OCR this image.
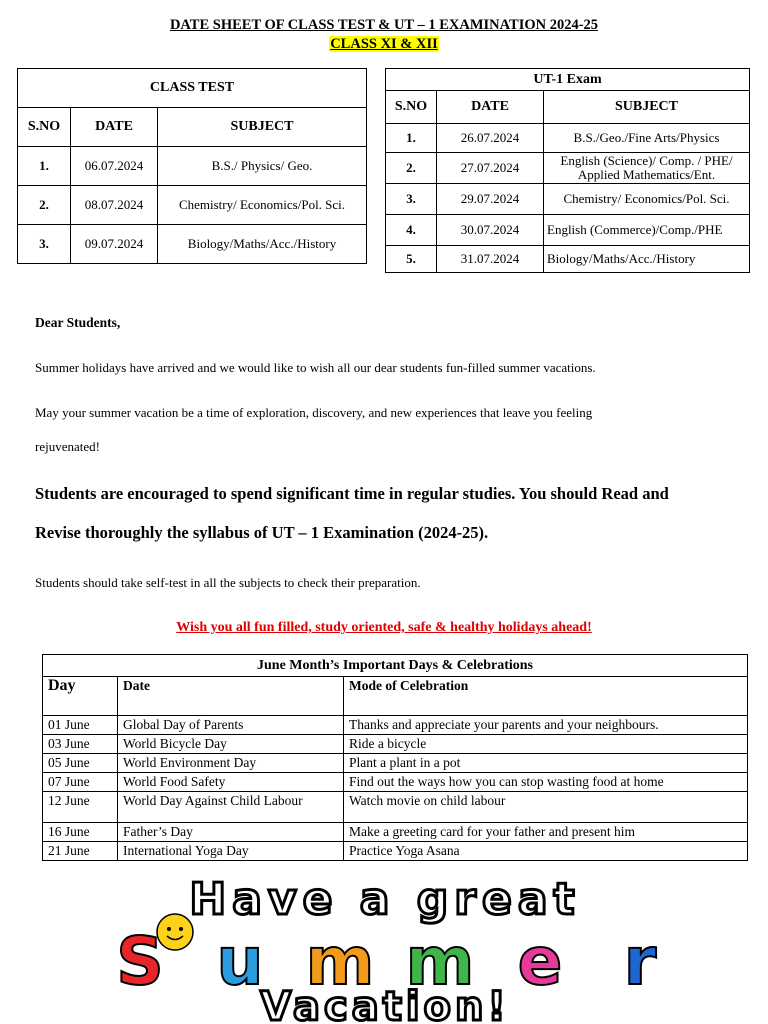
DATE SHEET OF CLASS TEST & UT – 1 EXAMINATION 2024-25
CLASS XI & XII
CLASS TEST		
S.NO	DATE	SUBJECT
1.	06.07.2024	B.S./ Physics/ Geo.
2.	08.07.2024	Chemistry/ Economics/Pol. Sci.
3.	09.07.2024	Biology/Maths/Acc./History
UT-1 Exam		
S.NO	DATE	SUBJECT
1.	26.07.2024	B.S./Geo./Fine Arts/Physics
2.	27.07.2024	English (Science)/ Comp. / PHE/ Applied Mathematics/Ent.
3.	29.07.2024	Chemistry/ Economics/Pol. Sci.
4.	30.07.2024	English (Commerce)/Comp./PHE
5.	31.07.2024	Biology/Maths/Acc./History
Dear Students,
Summer holidays have arrived and we would like to wish all our dear students fun-filled summer vacations.
May your summer vacation be a time of exploration, discovery, and new experiences that leave you feeling
rejuvenated!
Students are encouraged to spend significant time in regular studies. You should Read and
Revise thoroughly the syllabus of UT – 1 Examination (2024-25).
Students should take self-test in all the subjects to check their preparation.
Wish you all fun filled, study oriented, safe & healthy holidays ahead!
June Month’s Important Days & Celebrations		
Day	Date	Mode of Celebration
01 June	Global Day of Parents	Thanks and appreciate your parents and your neighbours.
03 June	World Bicycle Day	Ride a bicycle
05 June	World Environment Day	Plant a plant in a pot
07 June	World Food Safety	Find out the ways how you can stop wasting food at home
12 June	World Day Against Child Labour	Watch movie on child labour
16 June	Father’s Day	Make a greeting card for your father and present him
21 June	International Yoga Day	Practice Yoga Asana
Have a great
S u m m e r
Vacation!
